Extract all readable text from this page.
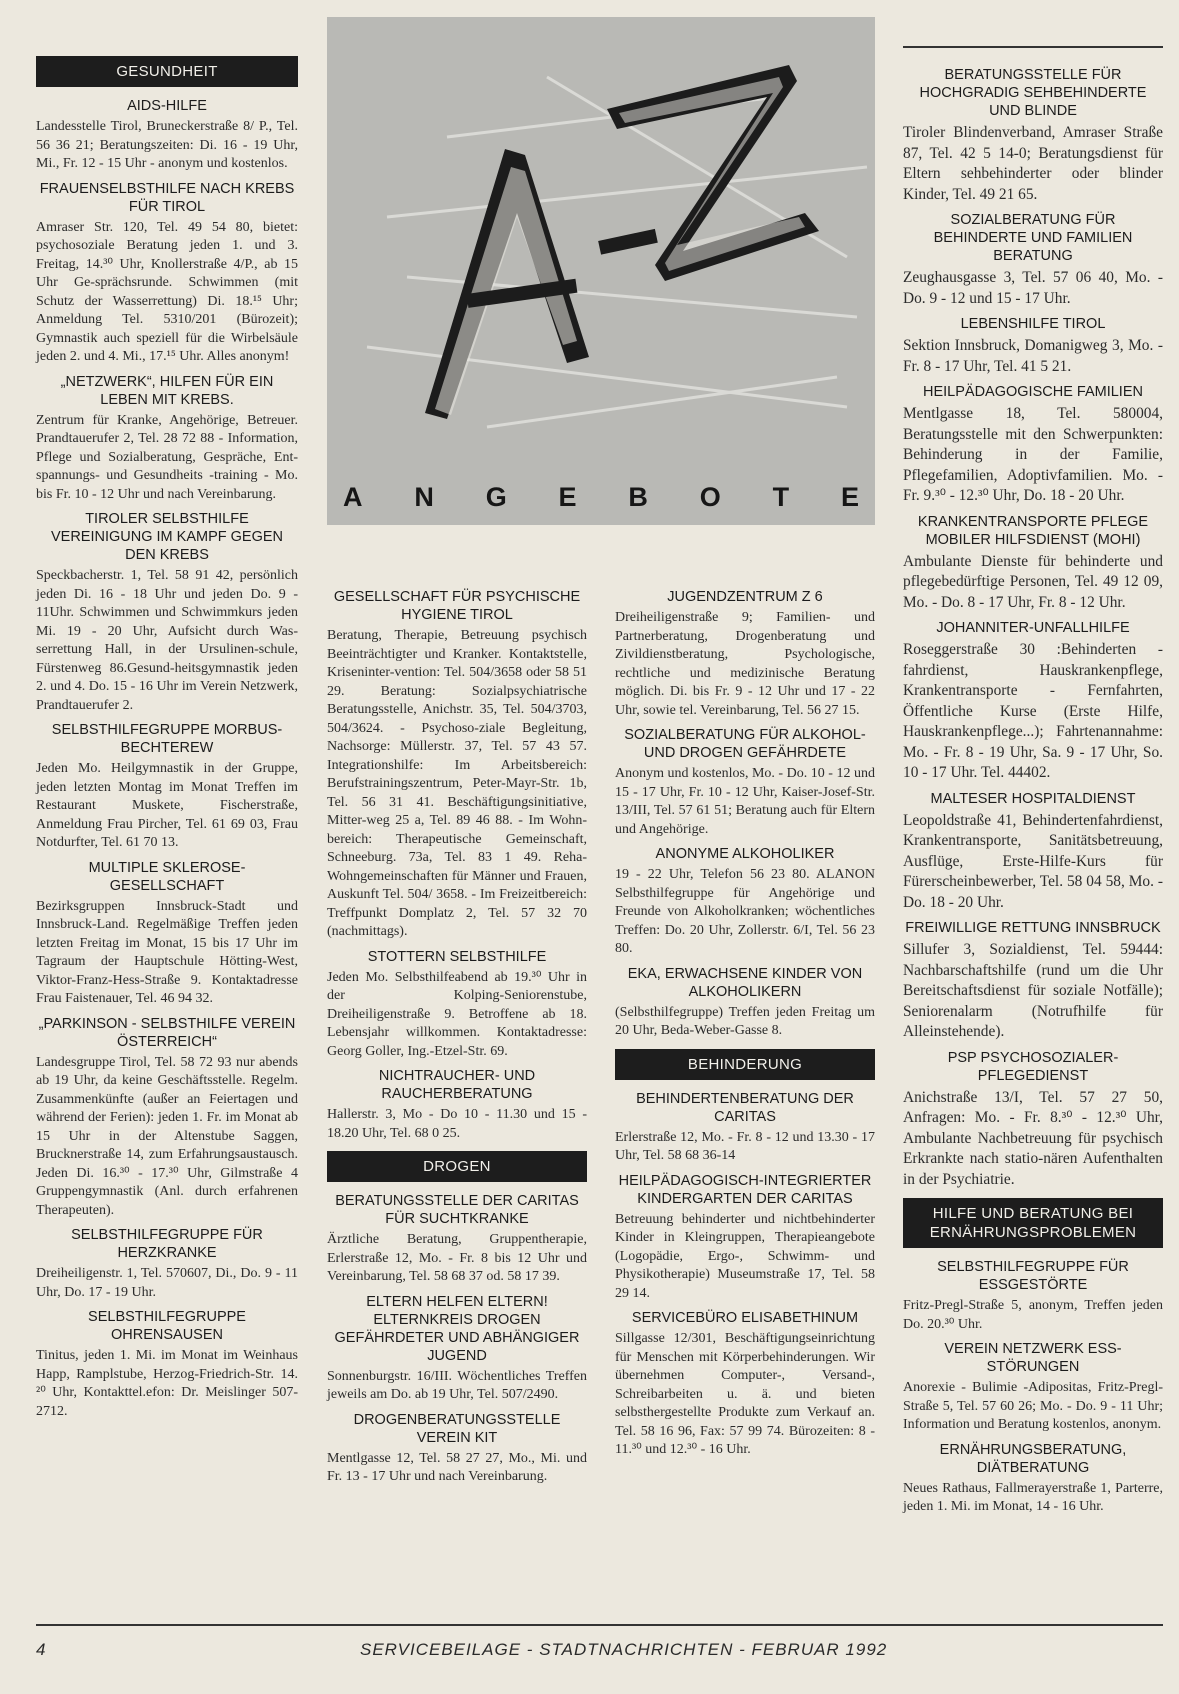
GESUNDHEIT
AIDS-HILFE

Landesstelle Tirol, Bruneckerstraße 8/ P., Tel. 56 36 21; Beratungszeiten: Di. 16 - 19 Uhr, Mi., Fr. 12 - 15 Uhr - anonym und kostenlos.

FRAUENSELBSTHILFE NACH KREBS FÜR TIROL

Amraser Str. 120, Tel. 49 54 80, bietet: psychosoziale Beratung jeden 1. und 3. Freitag, 14.³⁰ Uhr, Knollerstraße 4/P., ab 15 Uhr Ge-sprächsrunde. Schwimmen (mit Schutz der Wasserrettung) Di. 18.¹⁵ Uhr; Anmeldung Tel. 5310/201 (Bürozeit); Gymnastik auch speziell für die Wirbelsäule jeden 2. und 4. Mi., 17.¹⁵ Uhr. Alles anonym!

„NETZWERK“, HILFEN FÜR EIN LEBEN MIT KREBS.

Zentrum für Kranke, Angehörige, Betreuer. Prandtauerufer 2, Tel. 28 72 88 - Information, Pflege und Sozialberatung, Gespräche, Ent-spannungs- und Gesundheits -training - Mo. bis Fr. 10 - 12 Uhr und nach Vereinbarung.

TIROLER SELBSTHILFE VEREINIGUNG IM KAMPF GEGEN DEN KREBS

Speckbacherstr. 1, Tel. 58 91 42, persönlich jeden Di. 16 - 18 Uhr und jeden Do. 9 - 11Uhr. Schwimmen und Schwimmkurs jeden Mi. 19 - 20 Uhr, Aufsicht durch Was-serrettung Hall, in der Ursulinen-schule, Fürstenweg 86.Gesund-heitsgymnastik jeden 2. und 4. Do. 15 - 16 Uhr im Verein Netzwerk, Prandtauerufer 2.

SELBSTHILFEGRUPPE MORBUS-BECHTEREW

Jeden Mo. Heilgymnastik in der Gruppe, jeden letzten Montag im Monat Treffen im Restaurant Muskete, Fischerstraße, Anmeldung Frau Pircher, Tel. 61 69 03, Frau Notdurfter, Tel. 61 70 13.

MULTIPLE SKLEROSE-GESELLSCHAFT

Bezirksgruppen Innsbruck-Stadt und Innsbruck-Land. Regelmäßige Treffen jeden letzten Freitag im Monat, 15 bis 17 Uhr im Tagraum der Hauptschule Hötting-West, Viktor-Franz-Hess-Straße 9. Kontaktadresse Frau Faistenauer, Tel. 46 94 32.

„PARKINSON - SELBSTHILFE VEREIN ÖSTERREICH“

Landesgruppe Tirol, Tel. 58 72 93 nur abends ab 19 Uhr, da keine Geschäftsstelle. Regelm. Zusammenkünfte (außer an Feiertagen und während der Ferien): jeden 1. Fr. im Monat ab 15 Uhr in der Altenstube Saggen, Brucknerstraße 14, zum Erfahrungsaustausch. Jeden Di. 16.³⁰ - 17.³⁰ Uhr, Gilmstraße 4 Gruppengymnastik (Anl. durch erfahrenen Therapeuten).

SELBSTHILFEGRUPPE FÜR HERZKRANKE

Dreiheiligenstr. 1, Tel. 570607, Di., Do. 9 - 11 Uhr, Do. 17 - 19 Uhr.

SELBSTHILFEGRUPPE OHRENSAUSEN

Tinitus, jeden 1. Mi. im Monat im Weinhaus Happ, Ramplstube, Herzog-Friedrich-Str. 14. ²⁰ Uhr, Kontakttel.efon: Dr. Meislinger 507-2712.

A N G E B O T E
GESELLSCHAFT FÜR PSYCHISCHE HYGIENE TIROL

Beratung, Therapie, Betreuung psychisch Beeinträchtigter und Kranker. Kontaktstelle, Kriseninter-vention: Tel. 504/3658 oder 58 51 29. Beratung: Sozialpsychiatrische Beratungsstelle, Anichstr. 35, Tel. 504/3703, 504/3624. - Psychoso-ziale Begleitung, Nachsorge: Müllerstr. 37, Tel. 57 43 57. Integrationshilfe: Im Arbeitsbereich: Berufstrainingszentrum, Peter-Mayr-Str. 1b, Tel. 56 31 41. Beschäftigungsinitiative, Mitter-weg 25 a, Tel. 89 46 88. - Im Wohn-bereich: Therapeutische Gemeinschaft, Schneeburg. 73a, Tel. 83 1 49. Reha-Wohngemeinschaften für Männer und Frauen, Auskunft Tel. 504/ 3658. - Im Freizeitbereich: Treffpunkt Domplatz 2, Tel. 57 32 70 (nachmittags).

STOTTERN SELBSTHILFE

Jeden Mo. Selbsthilfeabend ab 19.³⁰ Uhr in der Kolping-Seniorenstube, Dreiheiligenstraße 9. Betroffene ab 18. Lebensjahr willkommen. Kontaktadresse: Georg Goller, Ing.-Etzel-Str. 69.

NICHTRAUCHER- UND RAUCHERBERATUNG

Hallerstr. 3, Mo - Do 10 - 11.30 und 15 - 18.20 Uhr, Tel. 68 0 25.

DROGEN
BERATUNGSSTELLE DER CARITAS FÜR SUCHTKRANKE

Ärztliche Beratung, Gruppentherapie, Erlerstraße 12, Mo. - Fr. 8 bis 12 Uhr und Vereinbarung, Tel. 58 68 37 od. 58 17 39.

ELTERN HELFEN ELTERN! ELTERNKREIS DROGEN GEFÄHRDETER UND ABHÄNGIGER JUGEND

Sonnenburgstr. 16/III. Wöchentliches Treffen jeweils am Do. ab 19 Uhr, Tel. 507/2490.

DROGENBERATUNGSSTELLE VEREIN KIT

Mentlgasse 12, Tel. 58 27 27, Mo., Mi. und Fr. 13 - 17 Uhr und nach Vereinbarung.

JUGENDZENTRUM Z 6

Dreiheiligenstraße 9; Familien- und Partnerberatung, Drogenberatung und Zivildienstberatung, Psychologische, rechtliche und medizinische Beratung möglich. Di. bis Fr. 9 - 12 Uhr und 17 - 22 Uhr, sowie tel. Vereinbarung, Tel. 56 27 15.

SOZIALBERATUNG FÜR ALKOHOL- UND DROGEN GEFÄHRDETE

Anonym und kostenlos, Mo. - Do. 10 - 12 und 15 - 17 Uhr, Fr. 10 - 12 Uhr, Kaiser-Josef-Str. 13/III, Tel. 57 61 51; Beratung auch für Eltern und Angehörige.

ANONYME ALKOHOLIKER

19 - 22 Uhr, Telefon 56 23 80. ALANON Selbsthilfegruppe für Angehörige und Freunde von Alkoholkranken; wöchentliches Treffen: Do. 20 Uhr, Zollerstr. 6/I, Tel. 56 23 80.

EKA, ERWACHSENE KINDER VON ALKOHOLIKERN

(Selbsthilfegruppe) Treffen jeden Freitag um 20 Uhr, Beda-Weber-Gasse 8.

BEHINDERUNG
BEHINDERTENBERATUNG DER CARITAS

Erlerstraße 12, Mo. - Fr. 8 - 12 und 13.30 - 17 Uhr, Tel. 58 68 36-14

HEILPÄDAGOGISCH-INTEGRIERTER KINDERGARTEN DER CARITAS

Betreuung behinderter und nichtbehinderter Kinder in Kleingruppen, Therapieangebote (Logopädie, Ergo-, Schwimm- und Physikotherapie) Museumstraße 17, Tel. 58 29 14.

SERVICEBÜRO ELISABETHINUM

Sillgasse 12/301, Beschäftigungseinrichtung für Menschen mit Körperbehinderungen. Wir übernehmen Computer-, Versand-, Schreibarbeiten u. ä. und bieten selbsthergestellte Produkte zum Verkauf an. Tel. 58 16 96, Fax: 57 99 74. Bürozeiten: 8 - 11.³⁰ und 12.³⁰ - 16 Uhr.

BERATUNGSSTELLE FÜR HOCHGRADIG SEHBEHINDERTE UND BLINDE

Tiroler Blindenverband, Amraser Straße 87, Tel. 42 5 14-0; Beratungsdienst für Eltern sehbehinderter oder blinder Kinder, Tel. 49 21 65.

SOZIALBERATUNG FÜR BEHINDERTE UND FAMILIEN BERATUNG

Zeughausgasse 3, Tel. 57 06 40, Mo. - Do. 9 - 12 und 15 - 17 Uhr.

LEBENSHILFE TIROL

Sektion Innsbruck, Domanigweg 3, Mo. - Fr. 8 - 17 Uhr, Tel. 41 5 21.

HEILPÄDAGOGISCHE FAMILIEN

Mentlgasse 18, Tel. 580004, Beratungsstelle mit den Schwerpunkten: Behinderung in der Familie, Pflegefamilien, Adoptivfamilien. Mo. - Fr. 9.³⁰ - 12.³⁰ Uhr, Do. 18 - 20 Uhr.

KRANKENTRANSPORTE PFLEGE MOBILER HILFSDIENST (MOHI)

Ambulante Dienste für behinderte und pflegebedürftige Personen, Tel. 49 12 09, Mo. - Do. 8 - 17 Uhr, Fr. 8 - 12 Uhr.

JOHANNITER-UNFALLHILFE

Roseggerstraße 30 :Behinderten - fahrdienst, Hauskrankenpflege, Krankentransporte - Fernfahrten, Öffentliche Kurse (Erste Hilfe, Hauskrankenpflege...); Fahrtenannahme: Mo. - Fr. 8 - 19 Uhr, Sa. 9 - 17 Uhr, So. 10 - 17 Uhr. Tel. 44402.

MALTESER HOSPITALDIENST

Leopoldstraße 41, Behindertenfahrdienst, Krankentransporte, Sanitätsbetreuung, Ausflüge, Erste-Hilfe-Kurs für Fürerscheinbewerber, Tel. 58 04 58, Mo. - Do. 18 - 20 Uhr.

FREIWILLIGE RETTUNG INNSBRUCK

Sillufer 3, Sozialdienst, Tel. 59444: Nachbarschaftshilfe (rund um die Uhr Bereitschaftsdienst für soziale Notfälle); Seniorenalarm (Notrufhilfe für Alleinstehende).

PSP PSYCHOSOZIALER-PFLEGEDIENST

Anichstraße 13/I, Tel. 57 27 50, Anfragen: Mo. - Fr. 8.³⁰ - 12.³⁰ Uhr, Ambulante Nachbetreuung für psychisch Erkrankte nach statio-nären Aufenthalten in der Psychiatrie.

HILFE UND BERATUNG BEI ERNÄHRUNGSPROBLEMEN
SELBSTHILFEGRUPPE FÜR ESSGESTÖRTE

Fritz-Pregl-Straße 5, anonym, Treffen jeden Do. 20.³⁰ Uhr.

VEREIN NETZWERK ESS-STÖRUNGEN

Anorexie - Bulimie -Adipositas, Fritz-Pregl-Straße 5, Tel. 57 60 26; Mo. - Do. 9 - 11 Uhr; Information und Beratung kostenlos, anonym.

ERNÄHRUNGSBERATUNG, DIÄTBERATUNG

Neues Rathaus, Fallmerayerstraße 1, Parterre, jeden 1. Mi. im Monat, 14 - 16 Uhr.

4	SERVICEBEILAGE - STADTNACHRICHTEN - FEBRUAR 1992
